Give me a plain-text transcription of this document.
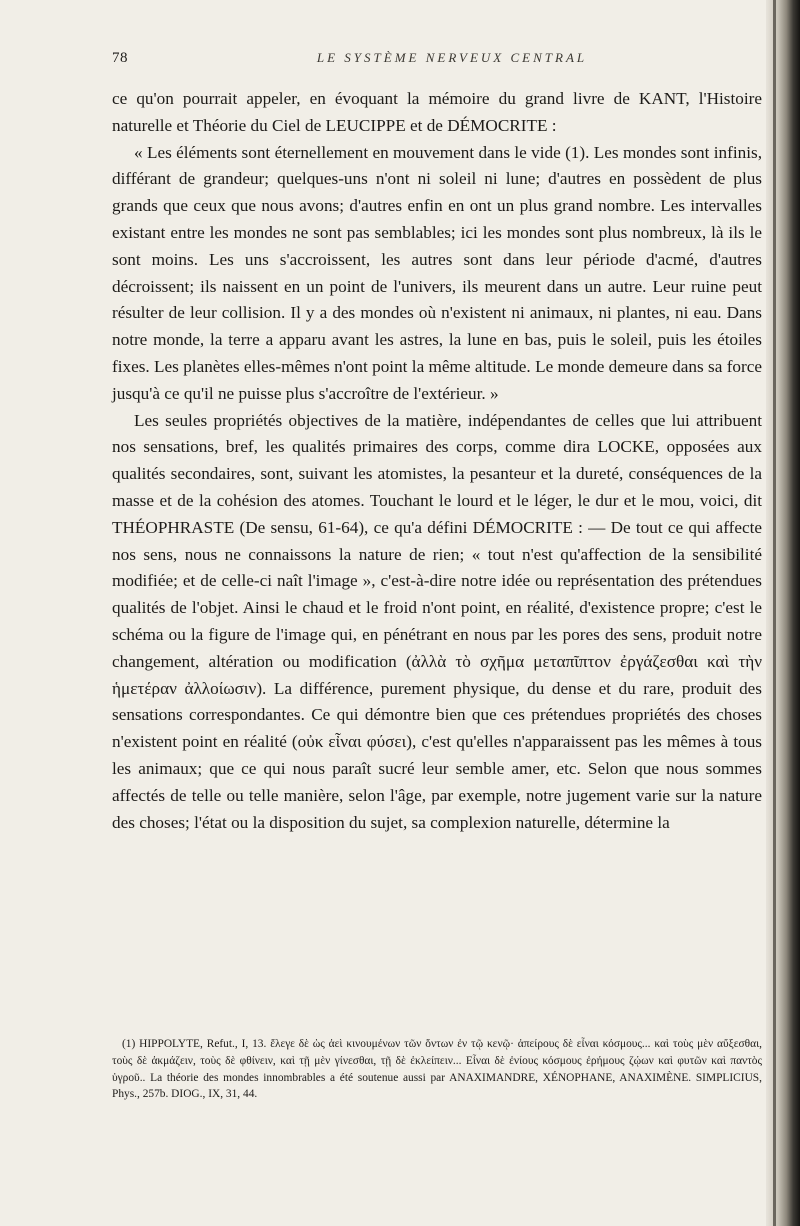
78	LE SYSTÈME NERVEUX CENTRAL

ce qu'on pourrait appeler, en évoquant la mémoire du grand livre de KANT, l'Histoire naturelle et Théorie du Ciel de LEUCIPPE et de DÉMOCRITE :

« Les éléments sont éternellement en mouvement dans le vide (1). Les mondes sont infinis, différant de grandeur; quelques-uns n'ont ni soleil ni lune; d'autres en possèdent de plus grands que ceux que nous avons; d'autres enfin en ont un plus grand nombre. Les intervalles existant entre les mondes ne sont pas semblables; ici les mondes sont plus nombreux, là ils le sont moins. Les uns s'accroissent, les autres sont dans leur période d'acmé, d'autres décroissent; ils naissent en un point de l'univers, ils meurent dans un autre. Leur ruine peut résulter de leur collision. Il y a des mondes où n'existent ni animaux, ni plantes, ni eau. Dans notre monde, la terre a apparu avant les astres, la lune en bas, puis le soleil, puis les étoiles fixes. Les planètes elles-mêmes n'ont point la même altitude. Le monde demeure dans sa force jusqu'à ce qu'il ne puisse plus s'accroître de l'extérieur. »

Les seules propriétés objectives de la matière, indépendantes de celles que lui attribuent nos sensations, bref, les qualités primaires des corps, comme dira LOCKE, opposées aux qualités secondaires, sont, suivant les atomistes, la pesanteur et la dureté, conséquences de la masse et de la cohésion des atomes. Touchant le lourd et le léger, le dur et le mou, voici, dit THÉOPHRASTE (De sensu, 61-64), ce qu'a défini DÉMOCRITE : — De tout ce qui affecte nos sens, nous ne connaissons la nature de rien; « tout n'est qu'affection de la sensibilité modifiée; et de celle-ci naît l'image », c'est-à-dire notre idée ou représentation des prétendues qualités de l'objet. Ainsi le chaud et le froid n'ont point, en réalité, d'existence propre; c'est le schéma ou la figure de l'image qui, en pénétrant en nous par les pores des sens, produit notre changement, altération ou modification (ἀλλὰ τὸ σχῆμα μεταπῖπτον ἐργάζεσθαι καὶ τὴν ἡμετέραν ἀλλοίωσιν). La différence, purement physique, du dense et du rare, produit des sensations correspondantes. Ce qui démontre bien que ces prétendues propriétés des choses n'existent point en réalité (οὐκ εἶναι φύσει), c'est qu'elles n'apparaissent pas les mêmes à tous les animaux; que ce qui nous paraît sucré leur semble amer, etc. Selon que nous sommes affectés de telle ou telle manière, selon l'âge, par exemple, notre jugement varie sur la nature des choses; l'état ou la disposition du sujet, sa complexion naturelle, détermine la

(1) HIPPOLYTE, Refut., I, 13. ἔλεγε δὲ ὡς ἀεὶ κινουμένων τῶν ὄντων ἐν τῷ κενῷ· ἀπείρους δὲ εἶναι κόσμους... καὶ τοὺς μὲν αὔξεσθαι, τοὺς δὲ ἀκμάζειν, τοὺς δὲ φθίνειν, καὶ τῇ μὲν γίνεσθαι, τῇ δὲ ἐκλείπειν... Εἶναι δὲ ἐνίους κόσμους ἐρήμους ζῴων καὶ φυτῶν καὶ παντὸς ὑγροῦ.. La théorie des mondes innombrables a été soutenue aussi par ANAXIMANDRE, XÉNOPHANE, ANAXIMÈNE. SIMPLICIUS, Phys., 257b. DIOG., IX, 31, 44.
